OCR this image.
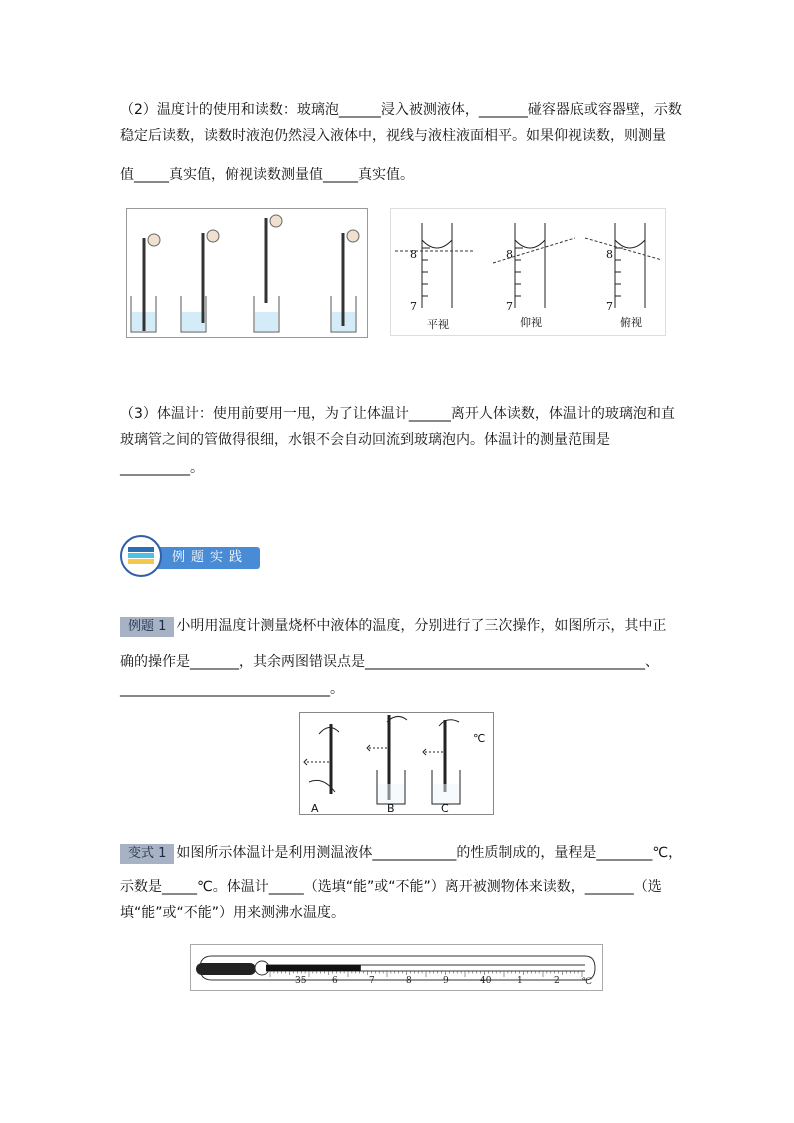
（2）温度计的使用和读数：玻璃泡______浸入被测液体，_______碰容器底或容器壁，示数
稳定后读数，读数时液泡仍然浸入液体中，视线与液柱液面相平。如果仰视读数，则测量
值_____真实值，俯视读数测量值_____真实值。
8
7
平视
8
7
仰视
8
7
俯视
（3）体温计：使用前要用一甩，为了让体温计______离开人体读数，体温计的玻璃泡和直
玻璃管之间的管做得很细，水银不会自动回流到玻璃泡内。体温计的测量范围是
__________。
例题实践
例题 1 小明用温度计测量烧杯中液体的温度，分别进行了三次操作，如图所示，其中正
确的操作是_______，其余两图错误点是________________________________________、
______________________________。
A	B	C
℃
变式 1 如图所示体温计是利用测温液体____________的性质制成的，量程是________℃，
示数是_____℃。体温计_____（选填“能”或“不能”）离开被测物体来读数，_______（选
填“能”或“不能”）用来测沸水温度。
35	6	7	8	9	40	1	2 ℃
